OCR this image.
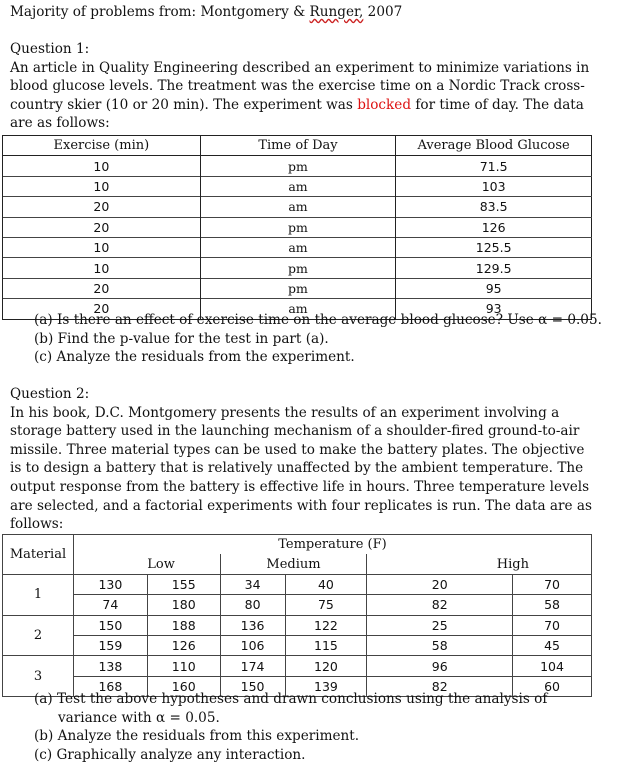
Majority of problems from: Montgomery & Runger, 2007
Question 1:
An article in Quality Engineering described an experiment to minimize variations in
blood glucose levels. The treatment was the exercise time on a Nordic Track cross-
country skier (10 or 20 min). The experiment was blocked for time of day. The data
are as follows:
Exercise (min)	Time of Day	Average Blood Glucose
10	pm	71.5
10	am	103
20	am	83.5
20	pm	126
10	am	125.5
10	pm	129.5
20	pm	95
20	am	93
(a) Is there an effect of exercise time on the average blood glucose? Use α = 0.05.
(b) Find the p-value for the test in part (a).
(c) Analyze the residuals from the experiment.
Question 2:
In his book, D.C. Montgomery presents the results of an experiment involving a
storage battery used in the launching mechanism of a shoulder-fired ground-to-air
missile. Three material types can be used to make the battery plates. The objective
is to design a battery that is relatively unaffected by the ambient temperature. The
output response from the battery is effective life in hours. Three temperature levels
are selected, and a factorial experiments with four replicates is run. The data are as
follows:
Material	Temperature (F)					
		Low	Medium		High	
1	130	155	34	40	20	70
	74	180	80	75	82	58
2	150	188	136	122	25	70
	159	126	106	115	58	45
3	138	110	174	120	96	104
	168	160	150	139	82	60
(a) Test the above hypotheses and drawn conclusions using the analysis of
variance with α = 0.05.
(b) Analyze the residuals from this experiment.
(c) Graphically analyze any interaction.
